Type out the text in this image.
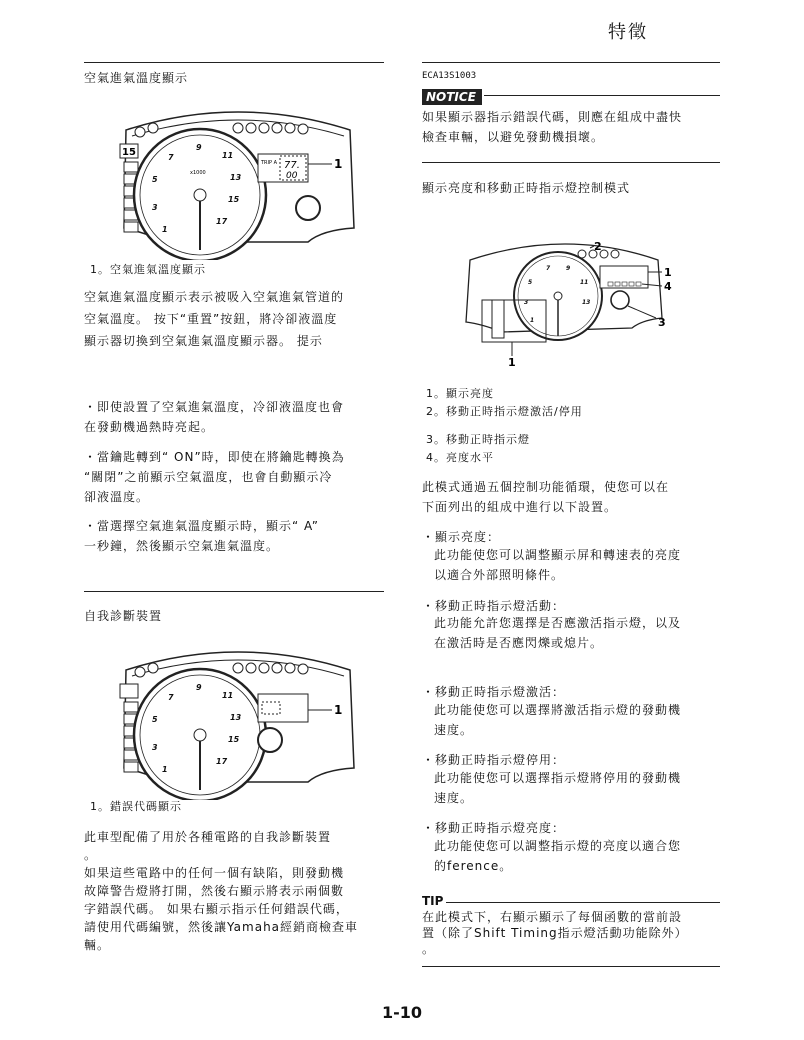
特徵
空氣進氣溫度顯示
15
1
3
5
7
9
11
13
15
17
x1000
TRIP A 77.
00
1
1。空氣進氣溫度顯示
空氣進氣溫度顯示表示被吸入空氣進氣管道的
空氣溫度。 按下“重置”按鈕，將冷卻液溫度
顯示器切換到空氣進氣溫度顯示器。 提示
・即使設置了空氣進氣溫度，冷卻液溫度也會
在發動機過熱時亮起。
・當鑰匙轉到“ ON”時，即使在將鑰匙轉換為
“關閉”之前顯示空氣溫度，也會自動顯示冷
卻液溫度。
・當選擇空氣進氣溫度顯示時，顯示“ A”
一秒鐘，然後顯示空氣進氣溫度。
自我診斷裝置
1
3
5
7
9
11
13
15
17
1
1。錯誤代碼顯示
此車型配備了用於各種電路的自我診斷裝置
。
如果這些電路中的任何一個有缺陷，則發動機
故障警告燈將打開，然後右顯示將表示兩個數
字錯誤代碼。 如果右顯示指示任何錯誤代碼，
請使用代碼編號，然後讓Yamaha經銷商檢查車
輛。
ECA13S1003
NOTICE
如果顯示器指示錯誤代碼，則應在組成中盡快
檢查車輛，以避免發動機損壞。
顯示亮度和移動正時指示燈控制模式
1
3
5
7	9
11
13
1
2
1
4
3
1。顯示亮度
2。移動正時指示燈激活/停用
3。移動正時指示燈
4。亮度水平
此模式通過五個控制功能循環，使您可以在
下面列出的組成中進行以下設置。
・顯示亮度：
此功能使您可以調整顯示屏和轉速表的亮度
以適合外部照明條件。
・移動正時指示燈活動：
此功能允許您選擇是否應激活指示燈，以及
在激活時是否應閃爍或熄片。
・移動正時指示燈激活：
此功能使您可以選擇將激活指示燈的發動機
速度。
・移動正時指示燈停用：
此功能使您可以選擇指示燈將停用的發動機
速度。
・移動正時指示燈亮度：
此功能使您可以調整指示燈的亮度以適合您
的ference。
TIP
在此模式下，右顯示顯示了每個函數的當前設
置（除了Shift Timing指示燈活動功能除外）
。
1-10
